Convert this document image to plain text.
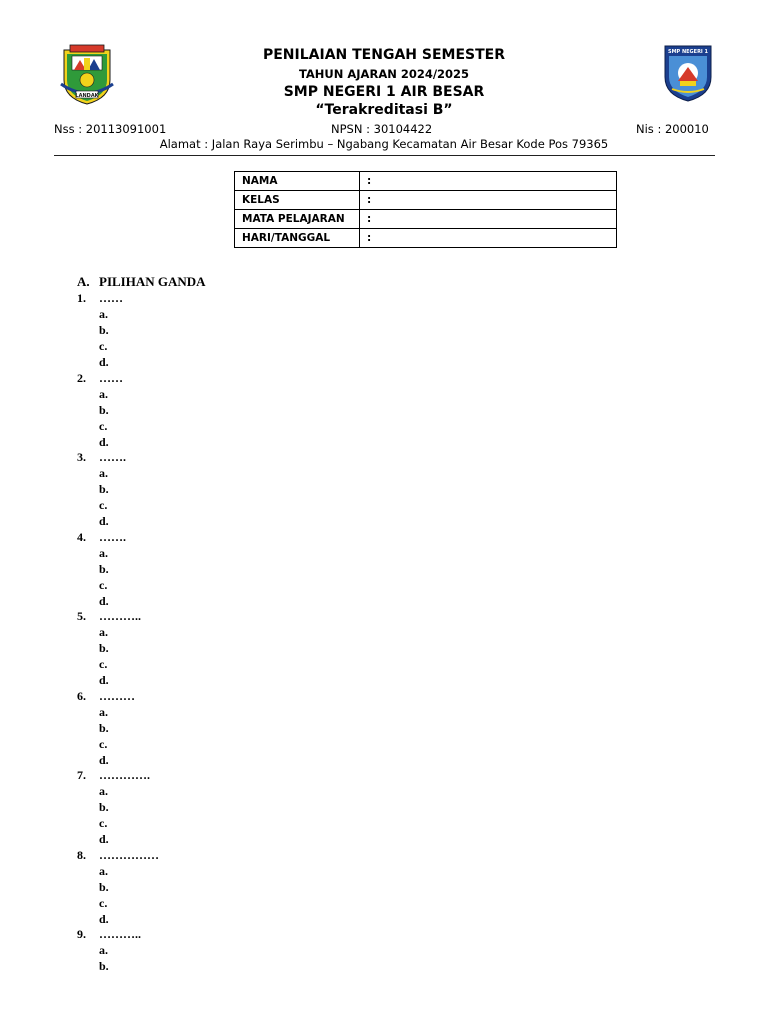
LANDAK
SMP NEGERI 1
PENILAIAN TENGAH SEMESTER
TAHUN AJARAN 2024/2025
SMP NEGERI 1 AIR BESAR
“Terakreditasi B”
Nss : 20113091001	NPSN : 30104422	Nis : 200010
Alamat : Jalan Raya Serimbu – Ngabang Kecamatan Air Besar Kode Pos 79365
NAMA	:
KELAS	:
MATA PELAJARAN	:
HARI/TANGGAL	:
A. PILIHAN GANDA
1. ……
a.
b.
c.
d.
2. ……
a.
b.
c.
d.
3. …….
a.
b.
c.
d.
4. …….
a.
b.
c.
d.
5. ………..
a.
b.
c.
d.
6. ………
a.
b.
c.
d.
7. ………….
a.
b.
c.
d.
8. ……………
a.
b.
c.
d.
9. ………..
a.
b.
